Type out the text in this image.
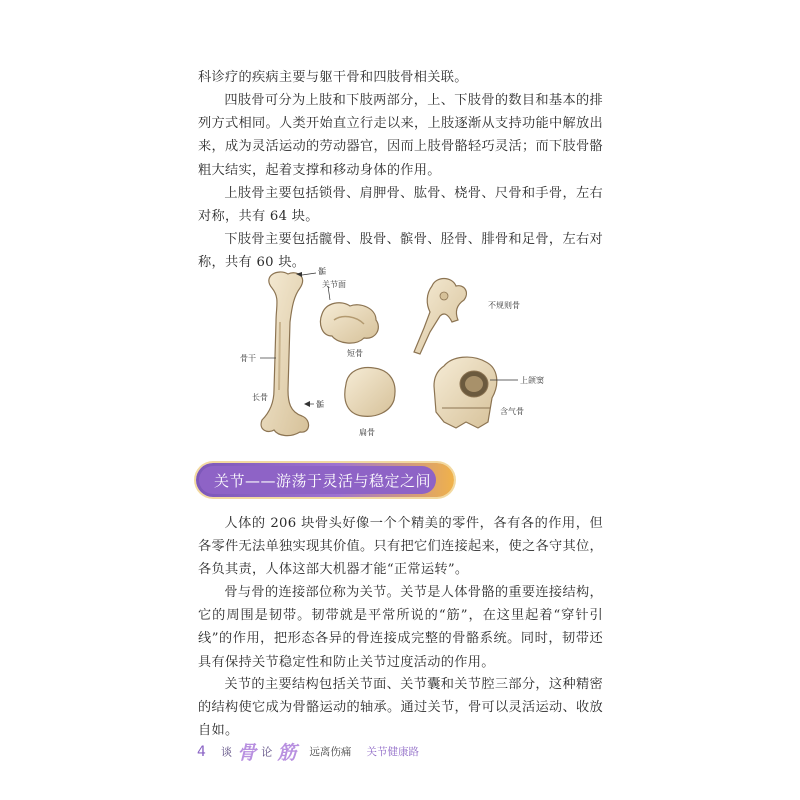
科诊疗的疾病主要与躯干骨和四肢骨相关联。

四肢骨可分为上肢和下肢两部分，上、下肢骨的数目和基本的排列方式相同。人类开始直立行走以来，上肢逐渐从支持功能中解放出来，成为灵活运动的劳动器官，因而上肢骨骼轻巧灵活；而下肢骨骼粗大结实，起着支撑和移动身体的作用。

上肢骨主要包括锁骨、肩胛骨、肱骨、桡骨、尺骨和手骨，左右对称，共有 64 块。

下肢骨主要包括髋骨、股骨、髌骨、胫骨、腓骨和足骨，左右对称，共有 60 块。

骺
关节面
不规则骨
短骨
骨干
长骨
骺
扁骨
上颌窦
含气骨
关节——游荡于灵活与稳定之间

人体的 206 块骨头好像一个个精美的零件，各有各的作用，但各零件无法单独实现其价值。只有把它们连接起来，使之各守其位，各负其责，人体这部大机器才能“正常运转”。

骨与骨的连接部位称为关节。关节是人体骨骼的重要连接结构，它的周围是韧带。韧带就是平常所说的“筋”，在这里起着“穿针引线”的作用，把形态各异的骨连接成完整的骨骼系统。同时，韧带还具有保持关节稳定性和防止关节过度活动的作用。

关节的主要结构包括关节面、关节囊和关节腔三部分，这种精密的结构使它成为骨骼运动的轴承。通过关节，骨可以灵活运动、收放自如。

4 谈 骨 论 筋 远离伤痛 关节健康路
